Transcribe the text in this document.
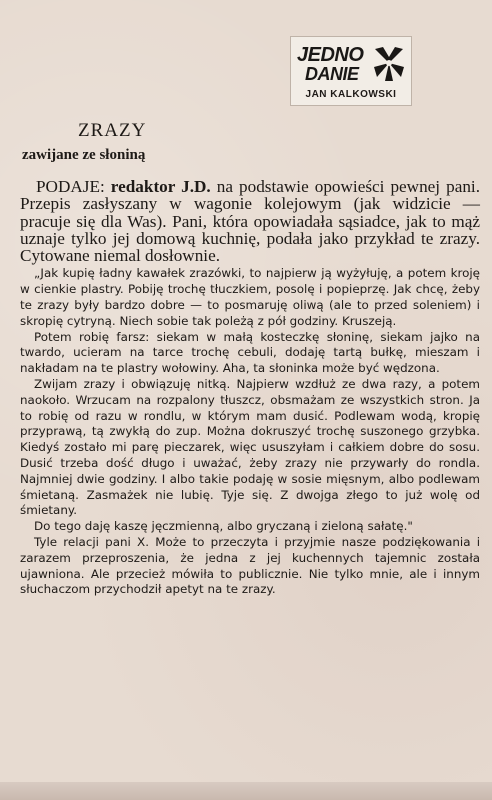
JEDNO
DANIE
JAN KALKOWSKI
ZRAZY
zawijane ze słoniną

PODAJE: redaktor J.D. na podstawie opowieści pewnej pani. Przepis zasłyszany w wagonie kolejowym (jak widzicie — pracuje się dla Was). Pani, która opowiadała sąsiadce, jak to mąż uznaje tylko jej domową kuchnię, podała jako przykład te zrazy. Cytowane niemal dosłownie.

„Jak kupię ładny kawałek zrazówki, to najpierw ją wyżyłuję, a potem kroję w cienkie plastry. Pobiję trochę tłuczkiem, posolę i popieprzę. Jak chcę, żeby te zrazy były bardzo dobre — to posmaruję oliwą (ale to przed soleniem) i skropię cytryną. Niech sobie tak poleżą z pół godziny. Kruszeją.

Potem robię farsz: siekam w małą kosteczkę słoninę, siekam jajko na twardo, ucieram na tarce trochę cebuli, dodaję tartą bułkę, mieszam i nakładam na te plastry wołowiny. Aha, ta słoninka może być wędzona.

Zwijam zrazy i obwiązuję nitką. Najpierw wzdłuż ze dwa razy, a potem naokoło. Wrzucam na rozpalony tłuszcz, obsmażam ze wszystkich stron. Ja to robię od razu w rondlu, w którym mam dusić. Podlewam wodą, kropię przyprawą, tą zwykłą do zup. Można dokruszyć trochę suszonego grzybka. Kiedyś zostało mi parę pieczarek, więc ususzyłam i całkiem dobre do sosu. Dusić trzeba dość długo i uważać, żeby zrazy nie przywarły do rondla. Najmniej dwie godziny. I albo takie podaję w sosie mięsnym, albo podlewam śmietaną. Zasmażek nie lubię. Tyje się. Z dwojga złego to już wolę od śmietany.

Do tego daję kaszę jęczmienną, albo gryczaną i zieloną sałatę."

Tyle relacji pani X. Może to przeczyta i przyjmie nasze podziękowania i zarazem przeproszenia, że jedna z jej kuchennych tajemnic została ujawniona. Ale przecież mówiła to publicznie. Nie tylko mnie, ale i innym słuchaczom przychodził apetyt na te zrazy.
